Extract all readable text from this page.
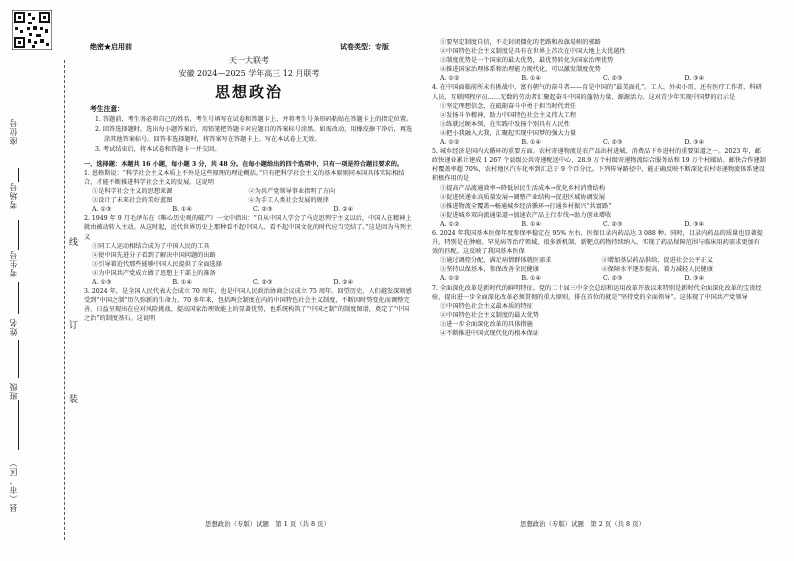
座位号
考场号
考生号
姓名
班级
县（市、区）
线
订
装
绝密★启用前	试卷类型：专版
天一大联考
安徽 2024—2025 学年高三 12 月联考
思想政治

考生注意：

1. 答题前，考生务必将自己的姓名、考生号填写在试卷和答题卡上，并将考生号条形码粘贴在答题卡上的指定位置。

2. 回答选择题时，选出每小题答案后，用铅笔把答题卡对应题目的答案标号涂黑。如需改动，用橡皮擦干净后，再选涂其他答案标号。回答非选择题时，将答案写在答题卡上。写在本试卷上无效。

3. 考试结束后，将本试卷和答题卡一并交回。

一、选择题：本题共 16 小题，每小题 3 分，共 48 分。在每小题给出的四个选项中，只有一项是符合题目要求的。

1. 恩格斯说：“科学社会主义本质上不外是这些原理的理论概括。”只有把科学社会主义的基本原则同本国具体实际相结合，才能不断推进科学社会主义的发展。这说明

①是科学社会主义的思想来源	②为共产党领导事业指明了方向

③设计了未来社会的美好蓝图	④为手工人类社会发展的规律

A. ①③	B. ①④	C. ②③	D. ②④

2. 1949 年 9 月毛泽东在《唯心历史观的破产》一文中指出：“自从中国人学会了马克思列宁主义以后，中国人在精神上就由被动转入主动。从这时起，近代世界历史上那种看不起中国人、看不起中国文化的时代应当完结了。”这是因为马列主义

①同工人运动相结合成为了中国人民的工具

②使中国先进分子看到了解决中国问题的出路

③引导着近代那些能够中国人民提供了全面选择

④为中国共产党成立做了思想上干部上的准备

A. ①③	B. ①④	C. ②③	D. ②④

3. 2024 年，是全国人民代表大会成立 70 周年，也是中国人民政治协商会议成立 75 周年。回望历史，人们越发深刻感受到“中国之制”历久弥新的生命力。70 多年来，包括两会制度在内的中国特色社会主义制度，不断因时势变化而调整完善，日益呈现出在应对风险挑战、提高国家治理效能上的显著优势，也系统构筑了“中国之制”的制度图谱，奠定了“中国之治”的制度基石。这说明

思想政治（专版）试题　第 1 页（共 8 页）

①要坚定制度自信，不走封闭僵化的老路和改旗易帜的邪路

②中国特色社会主义制度是具有在世界上首次在中国大地上大优越性

③制度优势是一个国家的最大优势，最优势转化为国家治理优势

④推进国家治理体系和治理能力现代化，可以激发制度优势

A. ①②	B. ①④	C. ②③	D. ③④

4. 在中国面临前所未有挑战中，富有朝气的奋斗者——育是中国的“最美面孔”。工人、外卖小哥、还有医疗工作者、科研人员、互联网程序员……无数的劳动者汇聚起奋斗中国的蓬勃力量、源源活力。这对青少年实现中国梦的启示是

①坚定理想信念，在砥砺奋斗中勇于担当时代责任

②发扬斗争精神，助力中国特色社会主义伟大工程

③练就过硬本领，在实践中发扬个别具有人民性

④把小我融入大我，汇聚起实现中国梦的强大力量

A. ①②	B. ①④	C. ②③	D. ③④

5. 城乡经济是国内大循环的重要方面。农村寄递物流是农产品出村进城、消费品下乡进村的重要渠道之一。2023 年，邮政快递业累计建成 1 267 个县级公共寄递配送中心，28.9 万个村级寄递物流综合服务站和 19 万个村邮站。邮快合作建制村覆盖率超 70%，农村地区汽车化率到汇总于 9 个百分比。下列传导路径中，能正确反映不断深化农村寄递物流体系建设积极作用的是

①提高产品流通效率→降低居民生活成本→优化乡村消费结构

②促进快递业高质量发展→调整产业结构→促进区域协调发展

③推进物流全覆盖→畅通城乡经济循环→打通乡村振兴“共富路”

④促进城乡双向流通渠道→加速农产品上行步伐→助力创业增收

A. ①②	B. ①④	C. ②③	D. ③④

6. 2024 年我国基本医保年度参保率稳定在 95% 左右，医保目录内药品达 3 088 种。同时，目录内药品的质量也显著提升，特别是在肿瘤、罕见病等治疗领域，很多新机制、新靶点药物持续纳入，实现了药品保障范围与临床用药需求更加有效的匹配。这反映了我国基本医保

①通过调控分配，满足病情群体就医需求	②增加基层药品供给，促进社会公平正义

③坚持以保基本，参保改善全民健康	④保障水平逐步提高，着力减轻人民健康

A. ①②	B. ①④	C. ②③	D. ③④

7. 全面深化改革是新时代的鲜明特征。党的二十届三中全会总结和运用改革开放以来特别是新时代全面深化改革的宝贵经验，提出进一步全面深化改革必须贯彻的重大原则，排在首位的就是“坚持党的全面领导”。这体现了中国共产党领导

①中国特色社会主义最本质的特征

②中国特色社会主义制度的最大优势

③进一步全面深化改革的具体措施

④不断推进中国式现代化的根本保证

思想政治（专版）试题　第 2 页（共 8 页）
